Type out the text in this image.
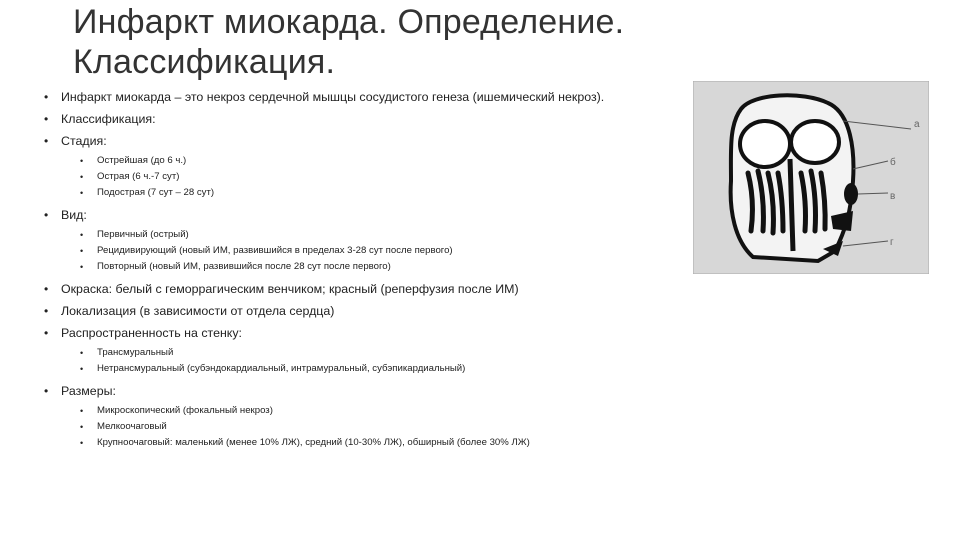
Инфаркт миокарда. Определение.
Классификация.
• Инфаркт миокарда – это некроз сердечной мышцы сосудистого генеза (ишемический некроз).
• Классификация:
• Стадия:
• Острейшая (до 6 ч.)
• Острая (6 ч.-7 сут)
• Подострая (7 сут – 28 сут)
• Вид:
• Первичный (острый)
• Рецидивирующий (новый ИМ, развившийся в пределах 3-28 сут после первого)
• Повторный (новый ИМ, развившийся после 28 сут после первого)
• Окраска: белый с геморрагическим венчиком; красный (реперфузия после ИМ)
• Локализация (в зависимости от отдела сердца)
• Распространенность на стенку:
• Трансмуральный
• Нетрансмуральный (субэндокардиальный, интрамуральный, субэпикардиальный)
• Размеры:
• Микроскопический (фокальный некроз)
• Мелкоочаговый
• Крупноочаговый: маленький (менее 10% ЛЖ), средний (10-30% ЛЖ), обширный (более 30% ЛЖ)
а
б
в
г
